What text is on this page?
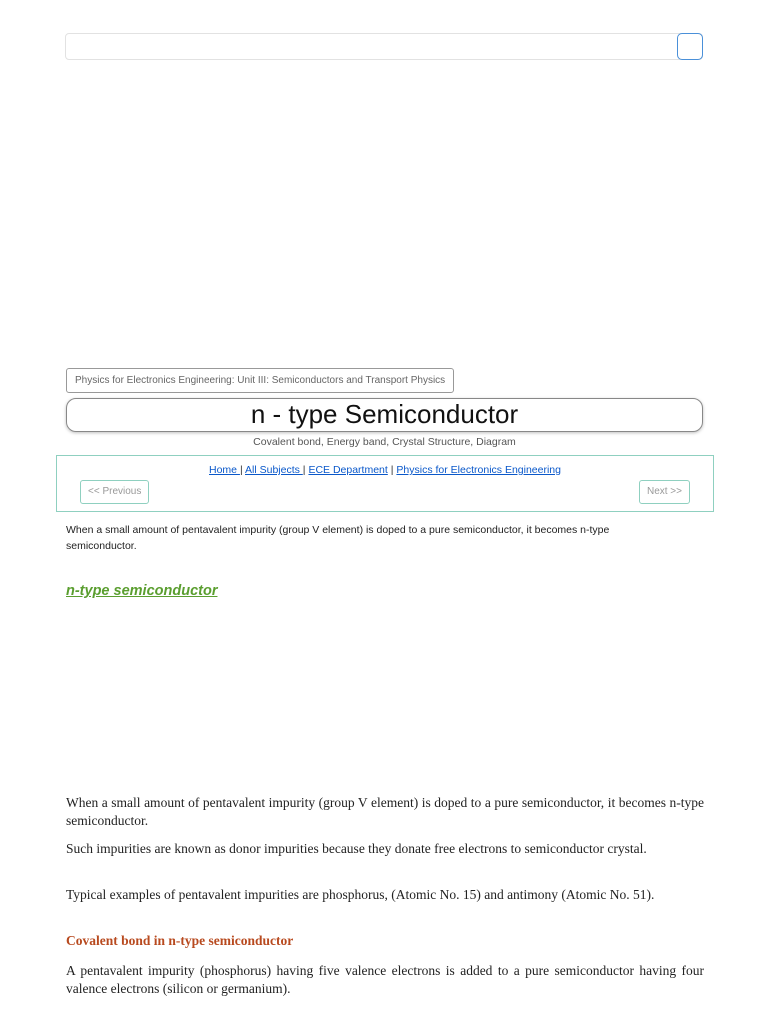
Physics for Electronics Engineering: Unit III: Semiconductors and Transport Physics
n - type Semiconductor
Covalent bond, Energy band, Crystal Structure, Diagram
Home | All Subjects | ECE Department | Physics for Electronics Engineering
<< Previous	Next >>
When a small amount of pentavalent impurity (group V element) is doped to a pure semiconductor, it becomes n-type semiconductor.
n-type semiconductor

When a small amount of pentavalent impurity (group V element) is doped to a pure semiconductor, it becomes n-type semiconductor.

Such impurities are known as donor impurities because they donate free electrons to semiconductor crystal.

Typical examples of pentavalent impurities are phosphorus, (Atomic No. 15) and antimony (Atomic No. 51).

Covalent bond in n-type semiconductor

A pentavalent impurity (phosphorus) having five valence electrons is added to a pure semiconductor having four valence electrons (silicon or germanium).
